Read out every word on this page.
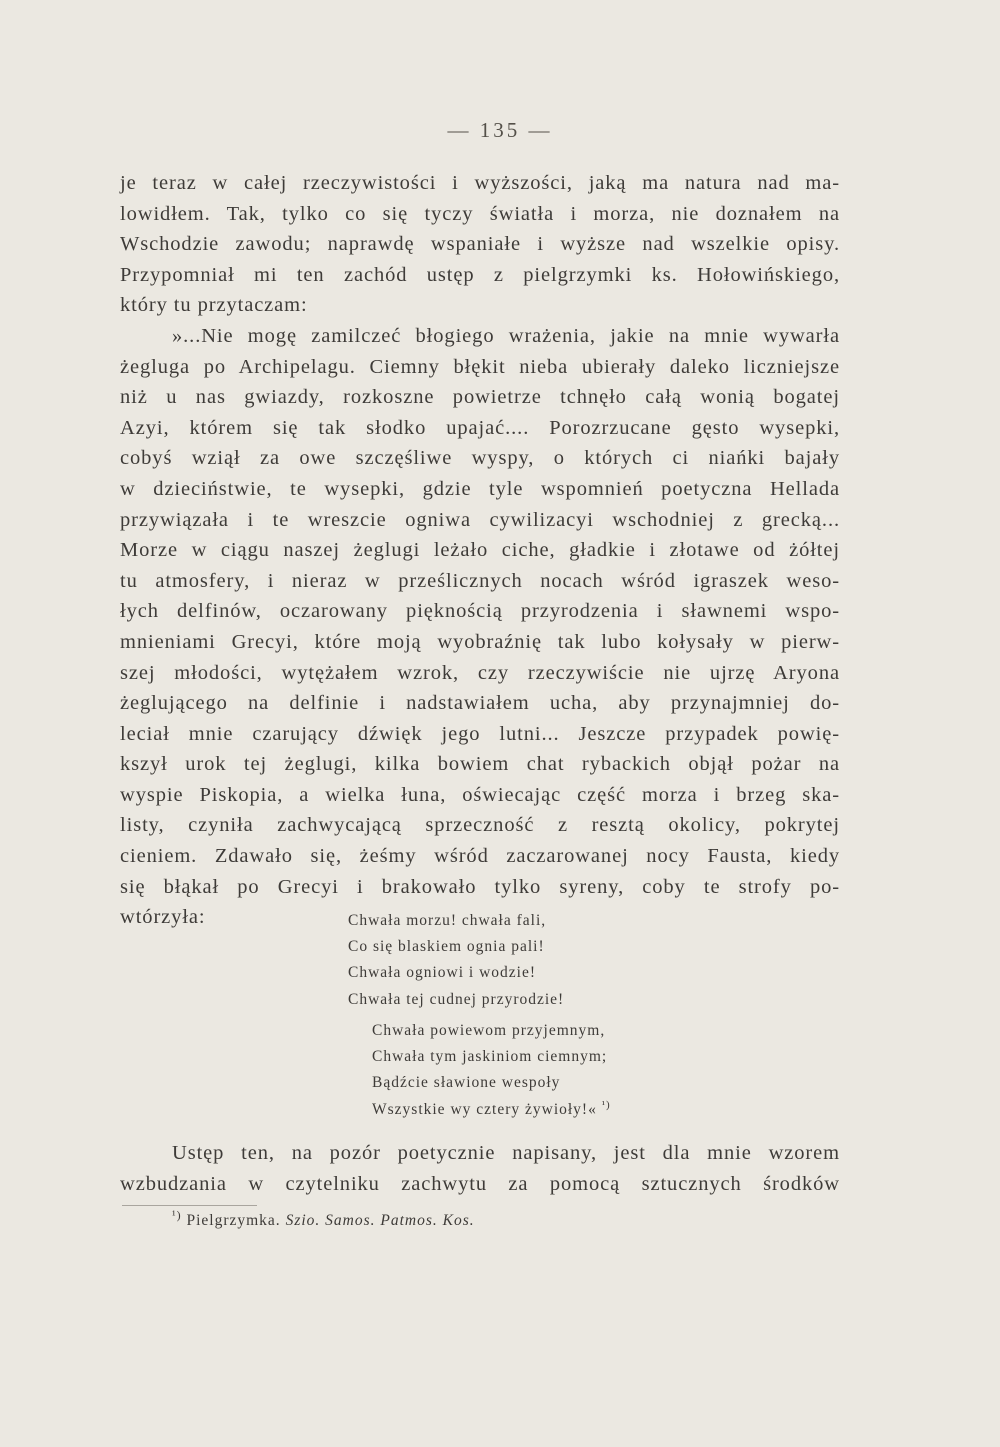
— 135 —
je teraz w całej rzeczywistości i wyższości, jaką ma natura nad ma-
lowidłem. Tak, tylko co się tyczy światła i morza, nie doznałem na
Wschodzie zawodu; naprawdę wspaniałe i wyższe nad wszelkie opisy.
Przypomniał mi ten zachód ustęp z pielgrzymki ks. Hołowińskiego,
który tu przytaczam:
»...Nie mogę zamilczeć błogiego wrażenia, jakie na mnie wywarła
żegluga po Archipelagu. Ciemny błękit nieba ubierały daleko liczniejsze
niż u nas gwiazdy, rozkoszne powietrze tchnęło całą wonią bogatej
Azyi, którem się tak słodko upajać.... Porozrzucane gęsto wysepki,
cobyś wziął za owe szczęśliwe wyspy, o których ci niańki bajały
w dzieciństwie, te wysepki, gdzie tyle wspomnień poetyczna Hellada
przywiązała i te wreszcie ogniwa cywilizacyi wschodniej z grecką...
Morze w ciągu naszej żeglugi leżało ciche, gładkie i złotawe od żółtej
tu atmosfery, i nieraz w prześlicznych nocach wśród igraszek weso-
łych delfinów, oczarowany pięknością przyrodzenia i sławnemi wspo-
mnieniami Grecyi, które moją wyobraźnię tak lubo kołysały w pierw-
szej młodości, wytężałem wzrok, czy rzeczywiście nie ujrzę Aryona
żeglującego na delfinie i nadstawiałem ucha, aby przynajmniej do-
leciał mnie czarujący dźwięk jego lutni... Jeszcze przypadek powię-
kszył urok tej żeglugi, kilka bowiem chat rybackich objął pożar na
wyspie Piskopia, a wielka łuna, oświecając część morza i brzeg ska-
listy, czyniła zachwycającą sprzeczność z resztą okolicy, pokrytej
cieniem. Zdawało się, żeśmy wśród zaczarowanej nocy Fausta, kiedy
się błąkał po Grecyi i brakowało tylko syreny, coby te strofy po-
wtórzyła:	Chwała morzu! chwała fali,
Co się blaskiem ognia pali!
Chwała ogniowi i wodzie!
Chwała tej cudnej przyrodzie!
Chwała powiewom przyjemnym,
Chwała tym jaskiniom ciemnym;
Bądźcie sławione wespoły
Wszystkie wy cztery żywioły!« $^{^1)}$
Ustęp ten, na pozór poetycznie napisany, jest dla mnie wzorem
wzbudzania w czytelniku zachwytu za pomocą sztucznych środków
$^{^1)}$ Pielgrzymka. Szio. Samos. Patmos. Kos.
